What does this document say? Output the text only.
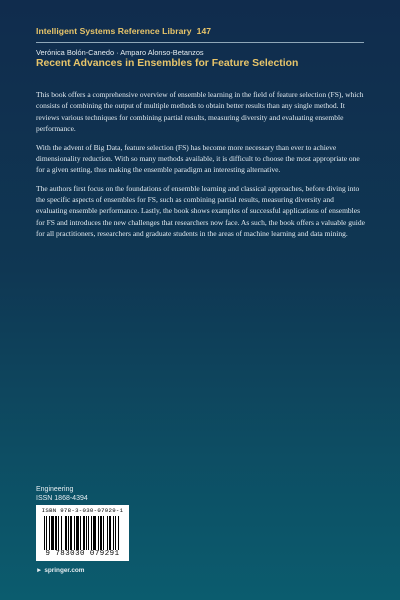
Intelligent Systems Reference Library 147
Verónica Bolón-Canedo · Amparo Alonso-Betanzos
Recent Advances in Ensembles for Feature Selection

This book offers a comprehensive overview of ensemble learning in the field of feature selection (FS), which consists of combining the output of multiple methods to obtain better results than any single method. It reviews various techniques for combining partial results, measuring diversity and evaluating ensemble performance.

With the advent of Big Data, feature selection (FS) has become more necessary than ever to achieve dimensionality reduction. With so many methods available, it is difficult to choose the most appropriate one for a given setting, thus making the ensemble paradigm an interesting alternative.

The authors first focus on the foundations of ensemble learning and classical approaches, before diving into the specific aspects of ensembles for FS, such as combining partial results, measuring diversity and evaluating ensemble performance. Lastly, the book shows examples of successful applications of ensembles for FS and introduces the new challenges that researchers now face. As such, the book offers a valuable guide for all practitioners, researchers and graduate students in the areas of machine learning and data mining.

Engineering
ISSN 1868-4394
ISBN 978-3-030-07929-1
9 783030 079291
► springer.com
